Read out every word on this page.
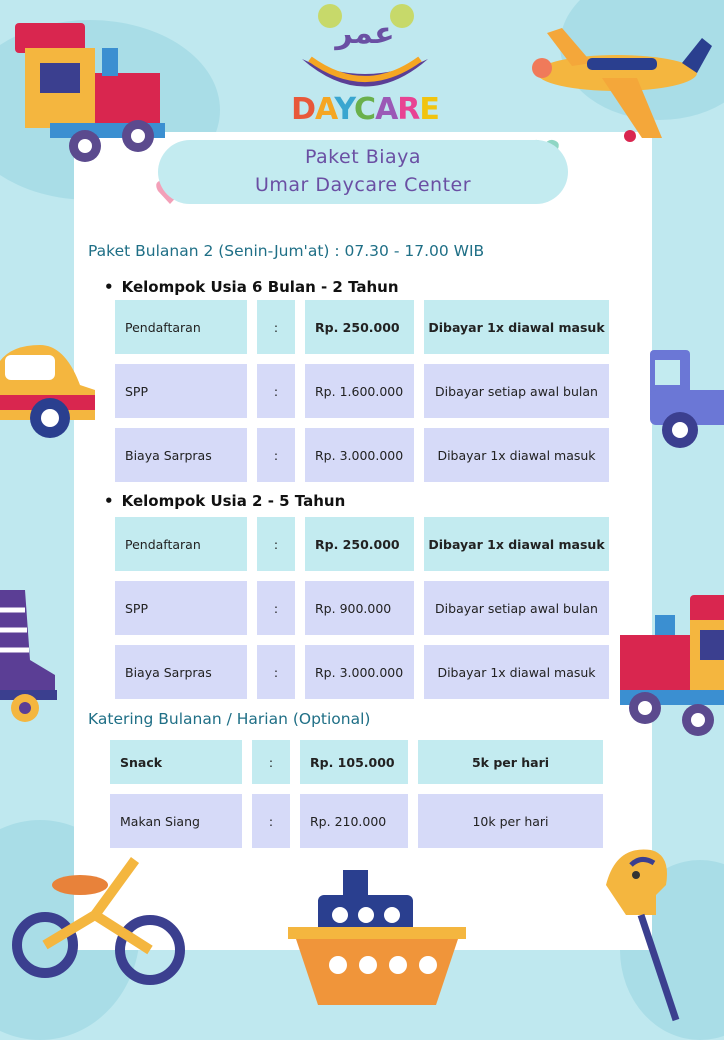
عمر
DAYCARE
Paket Biaya
Umar Daycare Center
Paket Bulanan 2 (Senin-Jum'at) : 07.30 - 17.00 WIB
• Kelompok Usia 6 Bulan - 2 Tahun
Pendaftaran	:	Rp. 250.000	Dibayar 1x diawal masuk
SPP	:	Rp. 1.600.000	Dibayar setiap awal bulan
Biaya Sarpras	:	Rp. 3.000.000	Dibayar 1x diawal masuk
• Kelompok Usia 2 - 5 Tahun
Pendaftaran	:	Rp. 250.000	Dibayar 1x diawal masuk
SPP	:	Rp. 900.000	Dibayar setiap awal bulan
Biaya Sarpras	:	Rp. 3.000.000	Dibayar 1x diawal masuk
Katering Bulanan / Harian (Optional)
Snack	:	Rp. 105.000	5k per hari
Makan Siang	:	Rp. 210.000	10k per hari
